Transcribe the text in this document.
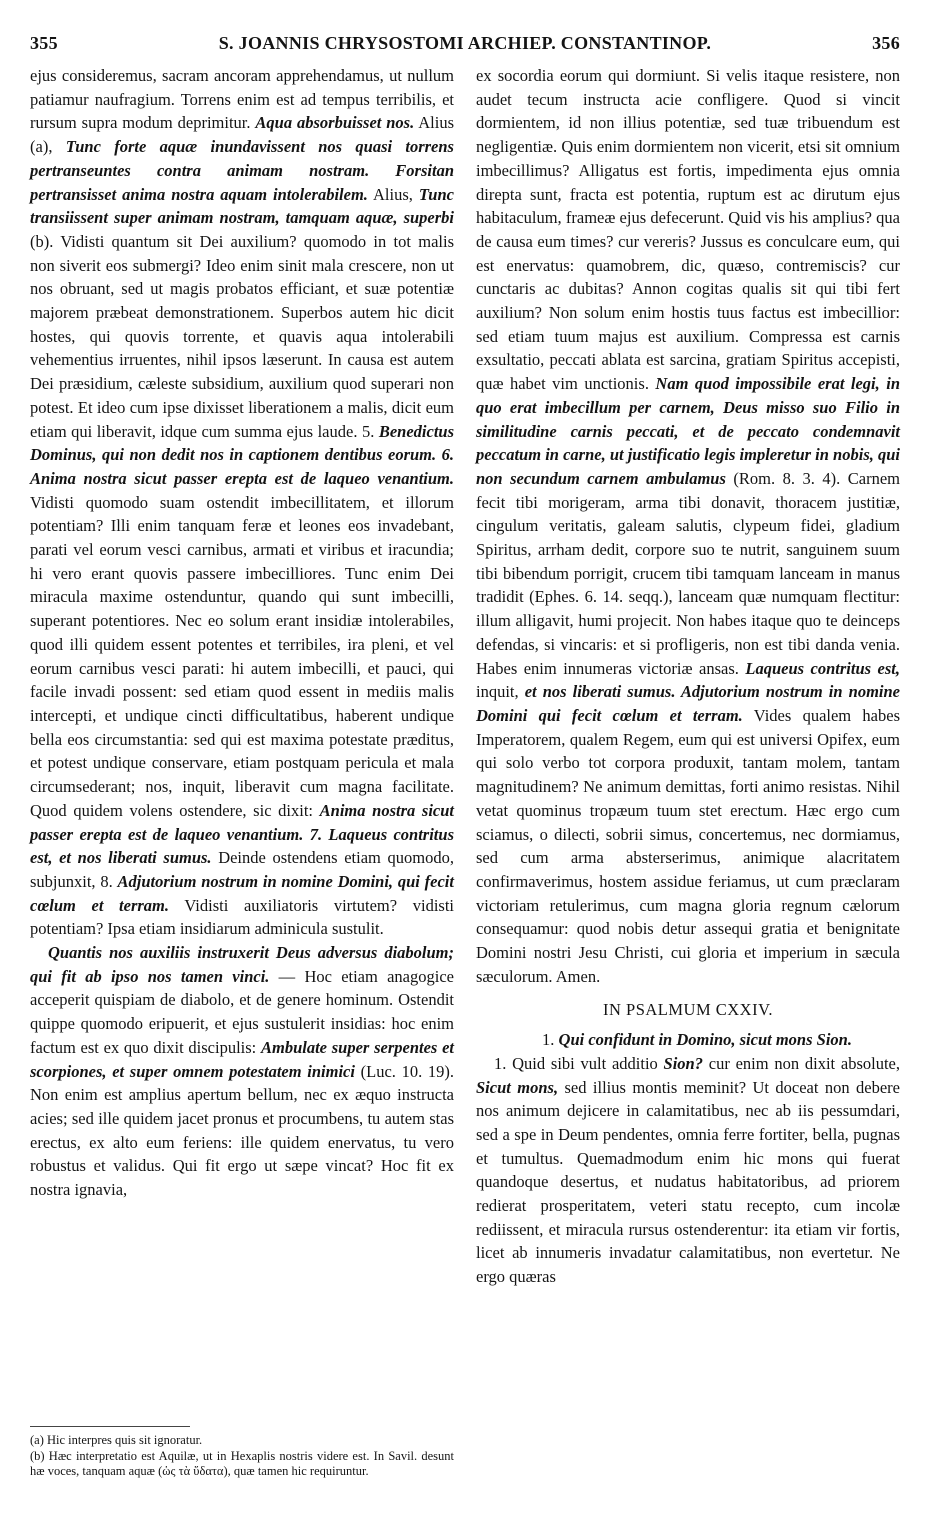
355	S. JOANNIS CHRYSOSTOMI ARCHIEP. CONSTANTINOP.	356

ejus consideremus, sacram ancoram apprehendamus, ut nullum patiamur naufragium. Torrens enim est ad tempus terribilis, et rursum supra modum deprimitur. Aqua absorbuisset nos. Alius (a), Tunc forte aquæ inundavissent nos quasi torrens pertranseuntes contra animam nostram. Forsitan pertransisset anima nostra aquam intolerabilem. Alius, Tunc transiissent super animam nostram, tamquam aquæ, superbi (b). Vidisti quantum sit Dei auxilium? quomodo in tot malis non siverit eos submergi? Ideo enim sinit mala crescere, non ut nos obruant, sed ut magis probatos efficiant, et suæ potentiæ majorem præbeat demonstrationem. Superbos autem hic dicit hostes, qui quovis torrente, et quavis aqua intolerabili vehementius irruentes, nihil ipsos læserunt. In causa est autem Dei præsidium, cæleste subsidium, auxilium quod superari non potest. Et ideo cum ipse dixisset liberationem a malis, dicit eum etiam qui liberavit, idque cum summa ejus laude. 5. Benedictus Dominus, qui non dedit nos in captionem dentibus eorum. 6. Anima nostra sicut passer erepta est de laqueo venantium. Vidisti quomodo suam ostendit imbecillitatem, et illorum potentiam? Illi enim tanquam feræ et leones eos invadebant, parati vel eorum vesci carnibus, armati et viribus et iracundia; hi vero erant quovis passere imbecilliores. Tunc enim Dei miracula maxime ostenduntur, quando qui sunt imbecilli, superant potentiores. Nec eo solum erant insidiæ intolerabiles, quod illi quidem essent potentes et terribiles, ira pleni, et vel eorum carnibus vesci parati: hi autem imbecilli, et pauci, qui facile invadi possent: sed etiam quod essent in mediis malis intercepti, et undique cincti difficultatibus, haberent undique bella eos circumstantia: sed qui est maxima potestate præditus, et potest undique conservare, etiam postquam pericula et mala circumsederant; nos, inquit, liberavit cum magna facilitate. Quod quidem volens ostendere, sic dixit: Anima nostra sicut passer erepta est de laqueo venantium. 7. Laqueus contritus est, et nos liberati sumus. Deinde ostendens etiam quomodo, subjunxit, 8. Adjutorium nostrum in nomine Domini, qui fecit cœlum et terram. Vidisti auxiliatoris virtutem? vidisti potentiam? Ipsa etiam insidiarum adminicula sustulit.

Quantis nos auxiliis instruxerit Deus adversus diabolum; qui fit ab ipso nos tamen vinci. — Hoc etiam anagogice acceperit quispiam de diabolo, et de genere hominum. Ostendit quippe quomodo eripuerit, et ejus sustulerit insidias: hoc enim factum est ex quo dixit discipulis: Ambulate super serpentes et scorpiones, et super omnem potestatem inimici (Luc. 10. 19). Non enim est amplius apertum bellum, nec ex æquo instructa acies; sed ille quidem jacet pronus et procumbens, tu autem stas erectus, ex alto eum feriens: ille quidem enervatus, tu vero robustus et validus. Qui fit ergo ut sæpe vincat? Hoc fit ex nostra ignavia,

ex socordia eorum qui dormiunt. Si velis itaque resistere, non audet tecum instructa acie confligere. Quod si vincit dormientem, id non illius potentiæ, sed tuæ tribuendum est negligentiæ. Quis enim dormientem non vicerit, etsi sit omnium imbecillimus? Alligatus est fortis, impedimenta ejus omnia direpta sunt, fracta est potentia, ruptum est ac dirutum ejus habitaculum, frameæ ejus defecerunt. Quid vis his amplius? qua de causa eum times? cur vereris? Jussus es conculcare eum, qui est enervatus: quamobrem, dic, quæso, contremiscis? cur cunctaris ac dubitas? Annon cogitas qualis sit qui tibi fert auxilium? Non solum enim hostis tuus factus est imbecillior: sed etiam tuum majus est auxilium. Compressa est carnis exsultatio, peccati ablata est sarcina, gratiam Spiritus accepisti, quæ habet vim unctionis. Nam quod impossibile erat legi, in quo erat imbecillum per carnem, Deus misso suo Filio in similitudine carnis peccati, et de peccato condemnavit peccatum in carne, ut justificatio legis impleretur in nobis, qui non secundum carnem ambulamus (Rom. 8. 3. 4). Carnem fecit tibi morigeram, arma tibi donavit, thoracem justitiæ, cingulum veritatis, galeam salutis, clypeum fidei, gladium Spiritus, arrham dedit, corpore suo te nutrit, sanguinem suum tibi bibendum porrigit, crucem tibi tamquam lanceam in manus tradidit (Ephes. 6. 14. seqq.), lanceam quæ numquam flectitur: illum alligavit, humi projecit. Non habes itaque quo te deinceps defendas, si vincaris: et si profligeris, non est tibi danda venia. Habes enim innumeras victoriæ ansas. Laqueus contritus est, inquit, et nos liberati sumus. Adjutorium nostrum in nomine Domini qui fecit cœlum et terram. Vides qualem habes Imperatorem, qualem Regem, eum qui est universi Opifex, eum qui solo verbo tot corpora produxit, tantam molem, tantam magnitudinem? Ne animum demittas, forti animo resistas. Nihil vetat quominus tropæum tuum stet erectum. Hæc ergo cum sciamus, o dilecti, sobrii simus, concertemus, nec dormiamus, sed cum arma absterserimus, animique alacritatem confirmaverimus, hostem assidue feriamus, ut cum præclaram victoriam retulerimus, cum magna gloria regnum cælorum consequamur: quod nobis detur assequi gratia et benignitate Domini nostri Jesu Christi, cui gloria et imperium in sæcula sæculorum. Amen.

IN PSALMUM CXXIV.

1. Qui confidunt in Domino, sicut mons Sion.

1. Quid sibi vult additio Sion? cur enim non dixit absolute, Sicut mons, sed illius montis meminit? Ut doceat non debere nos animum dejicere in calamitatibus, nec ab iis pessumdari, sed a spe in Deum pendentes, omnia ferre fortiter, bella, pugnas et tumultus. Quemadmodum enim hic mons qui fuerat quandoque desertus, et nudatus habitatoribus, ad priorem redierat prosperitatem, veteri statu recepto, cum incolæ rediissent, et miracula rursus ostenderentur: ita etiam vir fortis, licet ab innumeris invadatur calamitatibus, non evertetur. Ne ergo quæras

(a) Hic interpres quis sit ignoratur.

(b) Hæc interpretatio est Aquilæ, ut in Hexaplis nostris videre est. In Savil. desunt hæ voces, tanquam aquæ (ὡς τὰ ὕδατα), quæ tamen hic requiruntur.
